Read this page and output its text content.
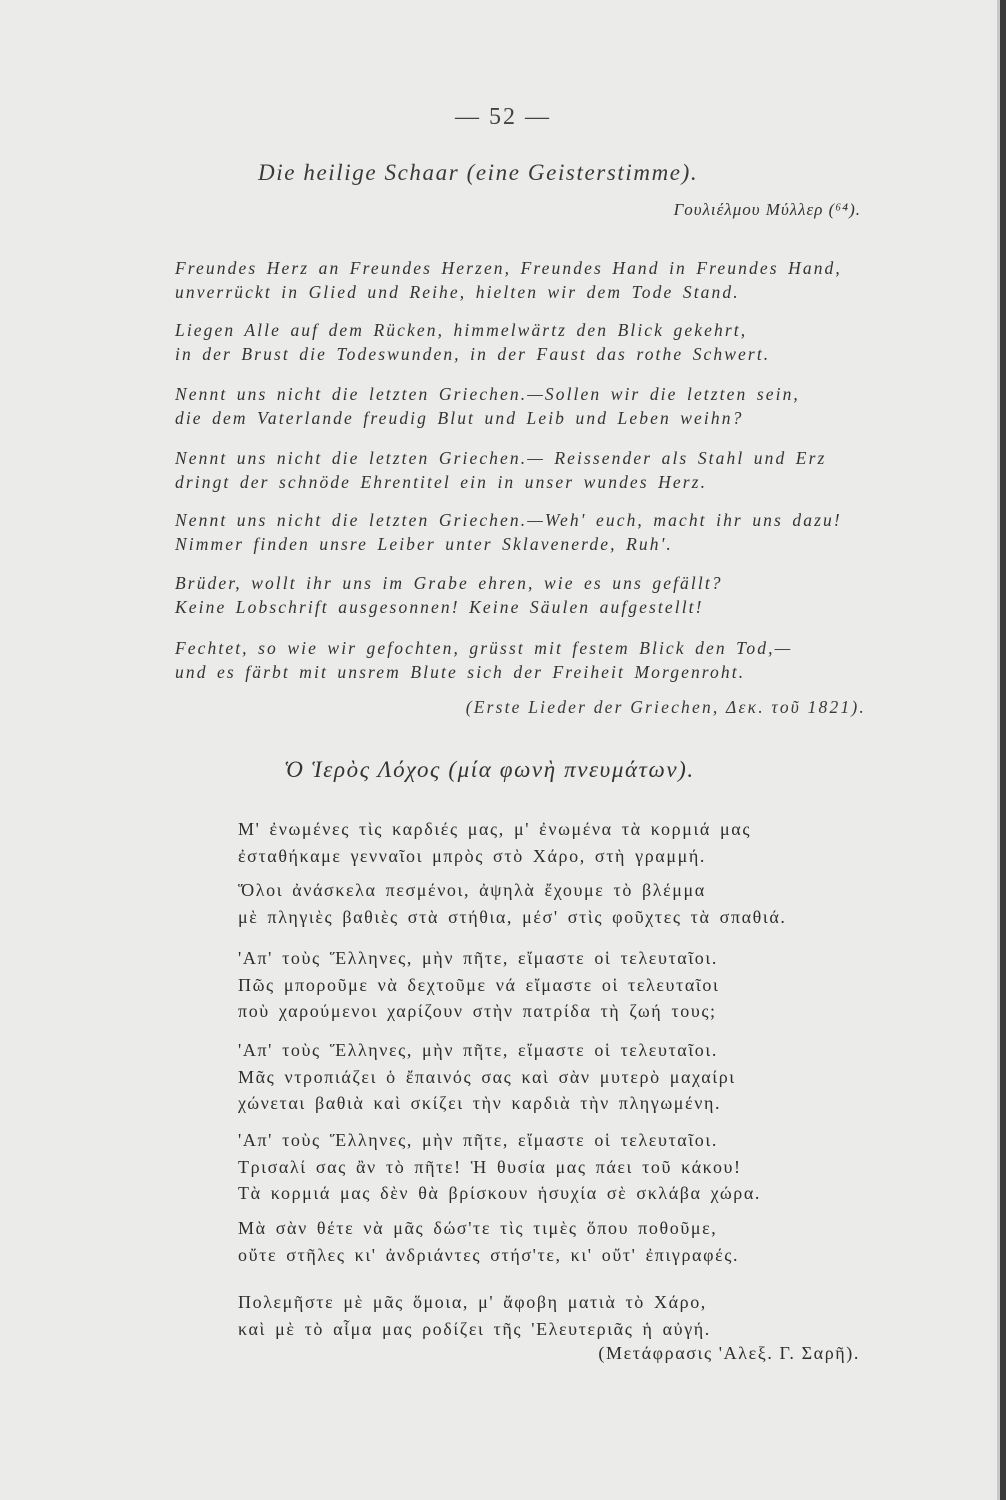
— 52 —
Die heilige Schaar (eine Geisterstimme).
Γουλιέλμου Μύλλερ (⁶⁴).
Freundes Herz an Freundes Herzen, Freundes Hand in Freundes Hand,
unverrückt in Glied und Reihe, hielten wir dem Tode Stand.
Liegen Alle auf dem Rücken, himmelwärtz den Blick gekehrt,
in der Brust die Todeswunden, in der Faust das rothe Schwert.
Nennt uns nicht die letzten Griechen.—Sollen wir die letzten sein,
die dem Vaterlande freudig Blut und Leib und Leben weihn?
Nennt uns nicht die letzten Griechen.— Reissender als Stahl und Erz
dringt der schnöde Ehrentitel ein in unser wundes Herz.
Nennt uns nicht die letzten Griechen.—Weh' euch, macht ihr uns dazu!
Nimmer finden unsre Leiber unter Sklavenerde, Ruh'.
Brüder, wollt ihr uns im Grabe ehren, wie es uns gefällt?
Keine Lobschrift ausgesonnen! Keine Säulen aufgestellt!
Fechtet, so wie wir gefochten, grüsst mit festem Blick den Tod,—
und es färbt mit unsrem Blute sich der Freiheit Morgenroht.
(Erste Lieder der Griechen, Δεκ. τοῦ 1821).
Ὁ Ἱερὸς Λόχος (μία φωνὴ πνευμάτων).
Μ' ἐνωμένες τὶς καρδιές μας, μ' ἐνωμένα τὰ κορμιά μας
ἐσταθήκαμε γενναῖοι μπρὸς στὸ Χάρο, στὴ γραμμή.
Ὅλοι ἀνάσκελα πεσμένοι, ἀψηλὰ ἔχουμε τὸ βλέμμα
μὲ πληγιὲς βαθιὲς στὰ στήθια, μέσ' στὶς φοῦχτες τὰ σπαθιά.
'Απ' τοὺς Ἕλληνες, μὴν πῆτε, εἴμαστε οἱ τελευταῖοι.
Πῶς μποροῦμε νὰ δεχτοῦμε νά εἴμαστε οἱ τελευταῖοι
ποὺ χαρούμενοι χαρίζουν στὴν πατρίδα τὴ ζωή τους;
'Απ' τοὺς Ἕλληνες, μὴν πῆτε, εἴμαστε οἱ τελευταῖοι.
Μᾶς ντροπιάζει ὁ ἔπαινός σας καὶ σὰν μυτερὸ μαχαίρι
χώνεται βαθιὰ καὶ σκίζει τὴν καρδιὰ τὴν πληγωμένη.
'Απ' τοὺς Ἕλληνες, μὴν πῆτε, εἴμαστε οἱ τελευταῖοι.
Τρισαλί σας ἂν τὸ πῆτε! Ἡ θυσία μας πάει τοῦ κάκου!
Τὰ κορμιά μας δὲν θὰ βρίσκουν ἡσυχία σὲ σκλάβα χώρα.
Μὰ σὰν θέτε νὰ μᾶς δώσ'τε τὶς τιμὲς ὅπου ποθοῦμε,
οὔτε στῆλες κι' ἀνδριάντες στήσ'τε, κι' οὔτ' ἐπιγραφές.
Πολεμῆστε μὲ μᾶς ὅμοια, μ' ἄφοβη ματιὰ τὸ Χάρο,
καὶ μὲ τὸ αἷμα μας ροδίζει τῆς 'Ελευτεριᾶς ἡ αὐγή.
(Μετάφρασις 'Αλεξ. Γ. Σαρῆ).
